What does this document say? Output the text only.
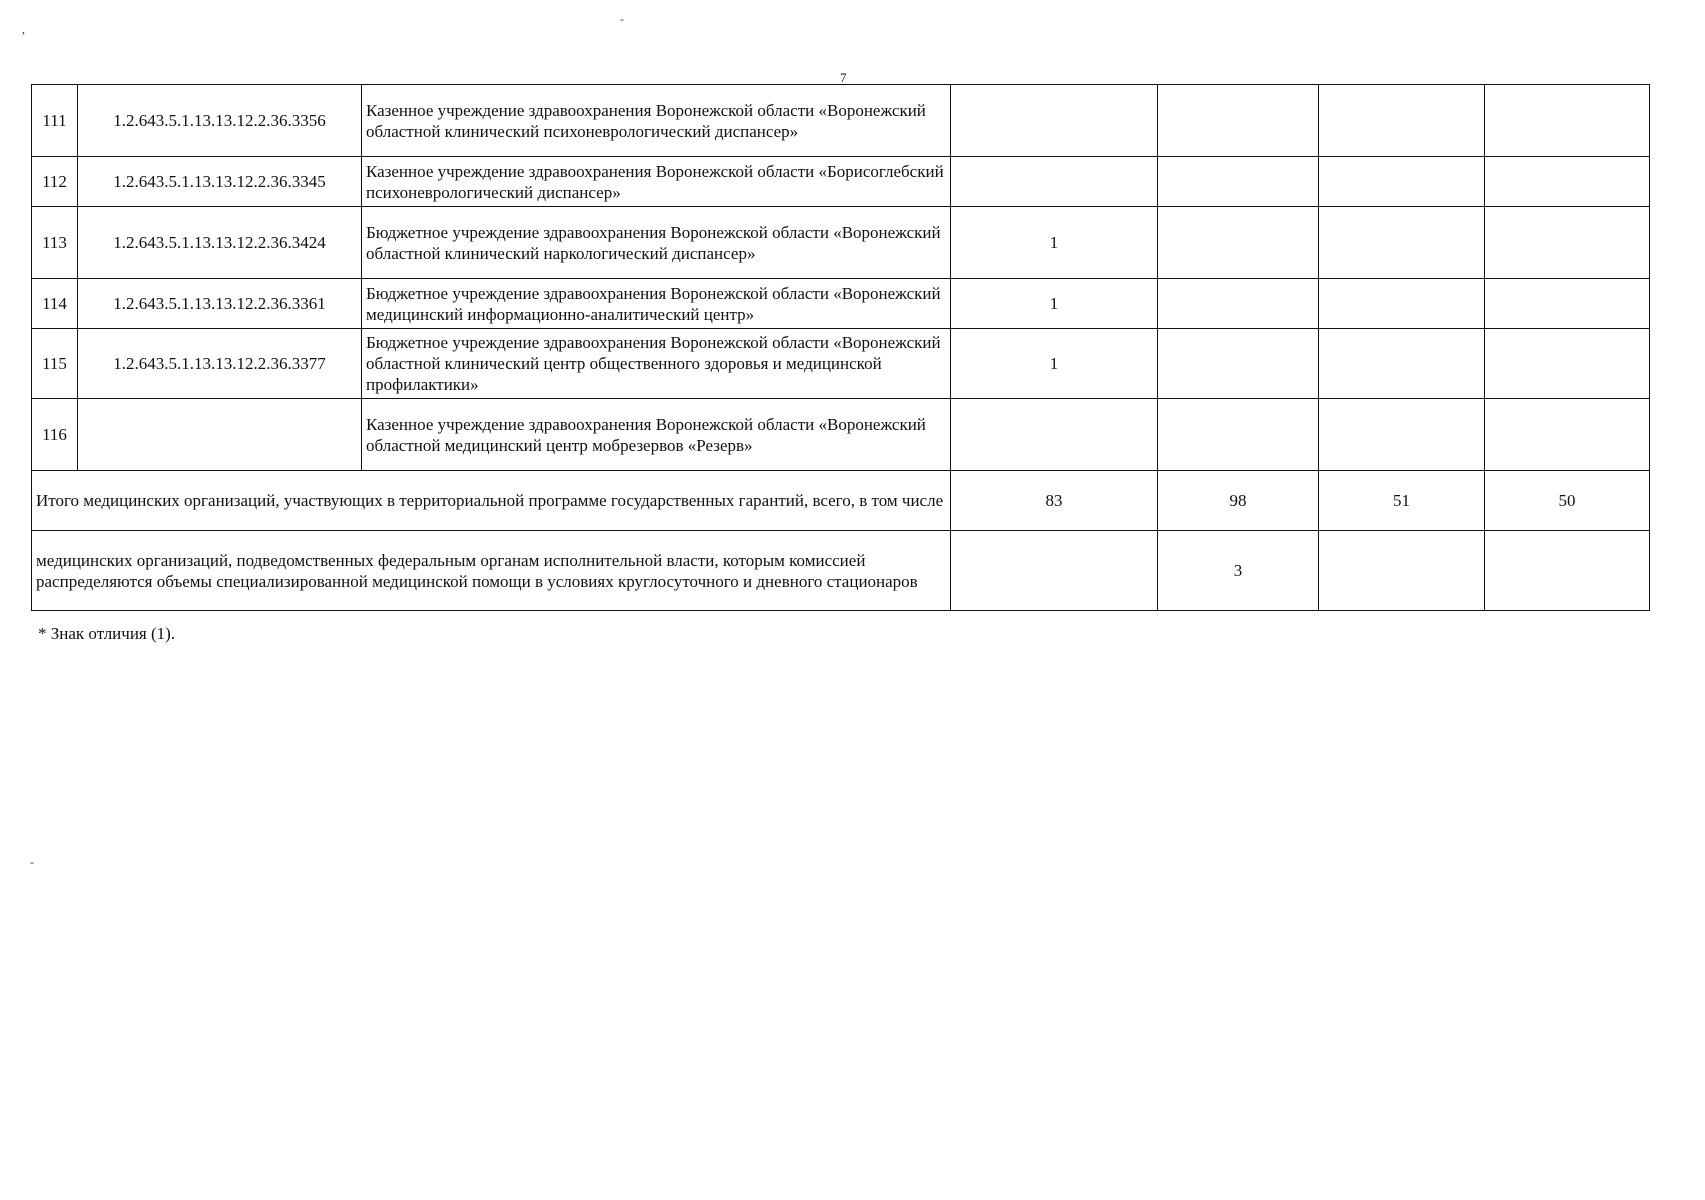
,
-
-
7
111	1.2.643.5.1.13.13.12.2.36.3356	Казенное учреждение здравоохранения Воронежской области «Воронежский областной клинический психоневрологический диспансер»				
112	1.2.643.5.1.13.13.12.2.36.3345	Казенное учреждение здравоохранения Воронежской области «Борисоглебский психоневрологический диспансер»				
113	1.2.643.5.1.13.13.12.2.36.3424	Бюджетное учреждение здравоохранения Воронежской области «Воронежский областной клинический наркологический диспансер»	1			
114	1.2.643.5.1.13.13.12.2.36.3361	Бюджетное учреждение здравоохранения Воронежской области «Воронежский медицинский информационно-аналитический центр»	1			
115	1.2.643.5.1.13.13.12.2.36.3377	Бюджетное учреждение здравоохранения Воронежской области «Воронежский областной клинический центр общественного здоровья и медицинской профилактики»	1			
116		Казенное учреждение здравоохранения Воронежской области «Воронежский областной медицинский центр мобрезервов «Резерв»				
Итого медицинских организаций, участвующих в территориальной программе государственных гарантий, всего, в том числе			83	98	51	50
медицинских организаций, подведомственных федеральным органам исполнительной власти, которым комиссией распределяются объемы специализированной медицинской помощи в условиях круглосуточного и дневного стационаров				3		
* Знак отличия (1).
